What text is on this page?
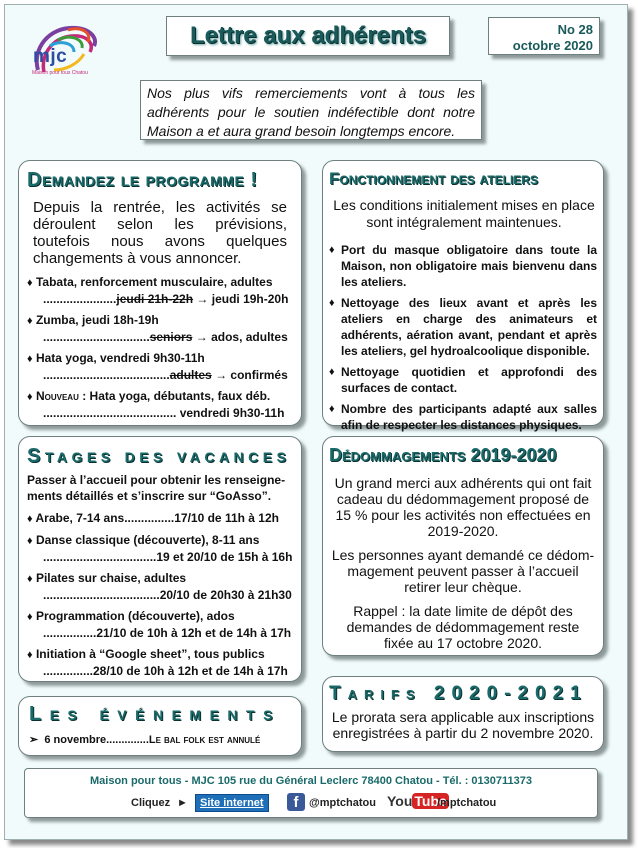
mjc
Maison pour tous Chatou
Lettre aux adhérents	No 28
octobre 2020
Nos plus vifs remerciements vont à tous les adhérents pour le soutien indéfectible dont notre Maison a et aura grand besoin longtemps encore.
Demandez le programme !
Depuis la rentrée, les activités se déroulent selon les prévisions, toutefois nous avons quelques changements à vous annoncer.
♦ Tabata, renforcement musculaire, adultes
......................jeudi 21h-22h → jeudi 19h-20h
♦ Zumba, jeudi 18h-19h
................................seniors → ados, adultes
♦ Hata yoga, vendredi 9h30-11h
......................................adultes → confirmés
♦ Nouveau : Hata yoga, débutants, faux déb.
........................................ vendredi 9h30-11h
Fonctionnement des ateliers
Les conditions initialement mises en place sont intégralement maintenues.
♦ Port du masque obligatoire dans toute la Maison, non obligatoire mais bienvenu dans les ateliers.
♦ Nettoyage des lieux avant et après les ateliers en charge des animateurs et adhérents, aération avant, pendant et après les ateliers, gel hydroalcoolique disponible.
♦ Nettoyage quotidien et approfondi des surfaces de contact.
♦ Nombre des participants adapté aux salles afin de respecter les distances physiques.
Stages des vacances
Passer à l’accueil pour obtenir les renseigne-ments détaillés et s’inscrire sur “GoAsso”.
♦ Arabe, 7-14 ans...............17/10 de 11h à 12h
♦ Danse classique (découverte), 8-11 ans
..................................19 et 20/10 de 15h à 16h
♦ Pilates sur chaise, adultes
...................................20/10 de 20h30 à 21h30
♦ Programmation (découverte), ados
................21/10 de 10h à 12h et de 14h à 17h
♦ Initiation à “Google sheet”, tous publics
...............28/10 de 10h à 12h et de 14h à 17h
Dédommagements 2019-2020
Un grand merci aux adhérents qui ont fait cadeau du dédommagement proposé de 15 % pour les activités non effectuées en 2019-2020.
Les personnes ayant demandé ce dédom-magement peuvent passer à l’accueil retirer leur chèque.
Rappel : la date limite de dépôt des demandes de dédommagement reste fixée au 17 octobre 2020.
Les événements
➢ 6 novembre..............Le bal folk est annulé
Tarifs 2020-2021
Le prorata sera applicable aux inscriptions enregistrées à partir du 2 novembre 2020.
Maison pour tous - MJC 105 rue du Général Leclerc 78400 Chatou - Tél. : 0130711373
Cliquez ►	Site internet	f @mptchatou You Tube
/mptchatou
